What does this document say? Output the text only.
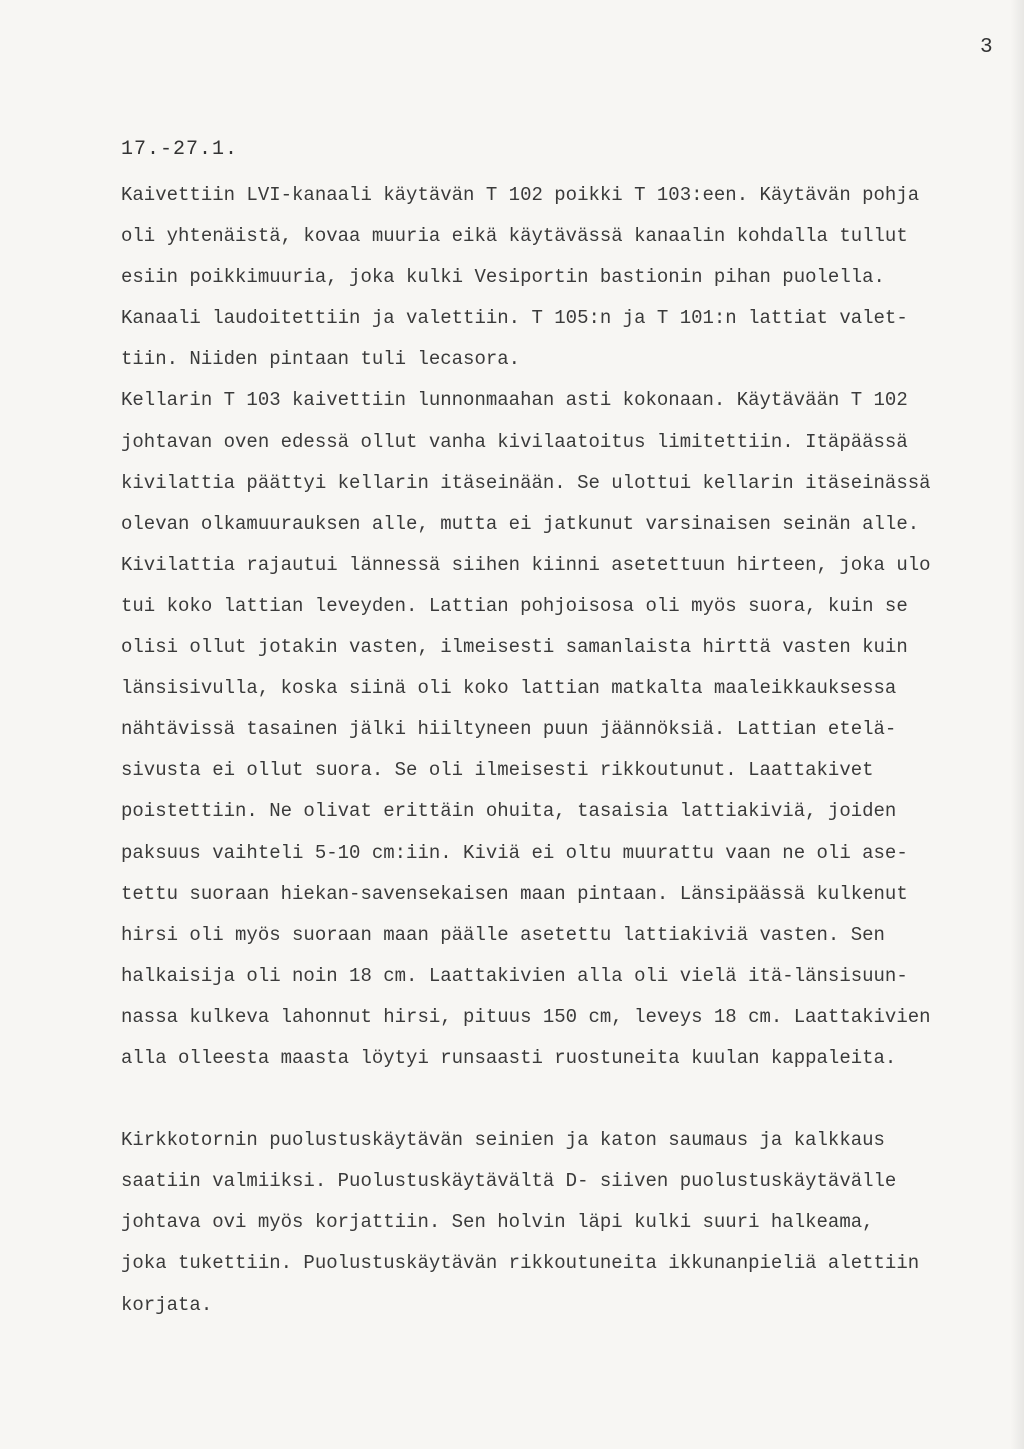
3
17.-27.1.
Kaivettiin LVI-kanaali käytävän T 102 poikki T 103:een. Käytävän pohja
oli yhtenäistä, kovaa muuria eikä käytävässä kanaalin kohdalla tullut
esiin poikkimuuria, joka kulki Vesiportin bastionin pihan puolella.
Kanaali laudoitettiin ja valettiin. T 105:n ja T 101:n lattiat valet-
tiin. Niiden pintaan tuli lecasora.
Kellarin T 103 kaivettiin lunnonmaahan asti kokonaan. Käytävään T 102
johtavan oven edessä ollut vanha kivilaatoitus limitettiin. Itäpäässä
kivilattia päättyi kellarin itäseinään. Se ulottui kellarin itäseinässä
olevan olkamuurauksen alle, mutta ei jatkunut varsinaisen seinän alle.
Kivilattia rajautui lännessä siihen kiinni asetettuun hirteen, joka ulo
tui koko lattian leveyden. Lattian pohjoisosa oli myös suora, kuin se
olisi ollut jotakin vasten, ilmeisesti samanlaista hirttä vasten kuin
länsisivulla, koska siinä oli koko lattian matkalta maaleikkauksessa
nähtävissä tasainen jälki hiiltyneen puun jäännöksiä. Lattian etelä-
sivusta ei ollut suora. Se oli ilmeisesti rikkoutunut. Laattakivet
poistettiin. Ne olivat erittäin ohuita, tasaisia lattiakiviä, joiden
paksuus vaihteli 5-10 cm:iin. Kiviä ei oltu muurattu vaan ne oli ase-
tettu suoraan hiekan-savensekaisen maan pintaan. Länsipäässä kulkenut
hirsi oli myös suoraan maan päälle asetettu lattiakiviä vasten. Sen
halkaisija oli noin 18 cm. Laattakivien alla oli vielä itä-länsisuun-
nassa kulkeva lahonnut hirsi, pituus 150 cm, leveys 18 cm. Laattakivien
alla olleesta maasta löytyi runsaasti ruostuneita kuulan kappaleita.
Kirkkotornin puolustuskäytävän seinien ja katon saumaus ja kalkkaus
saatiin valmiiksi. Puolustuskäytävältä D- siiven puolustuskäytävälle
johtava ovi myös korjattiin. Sen holvin läpi kulki suuri halkeama,
joka tukettiin. Puolustuskäytävän rikkoutuneita ikkunanpieliä alettiin
korjata.
